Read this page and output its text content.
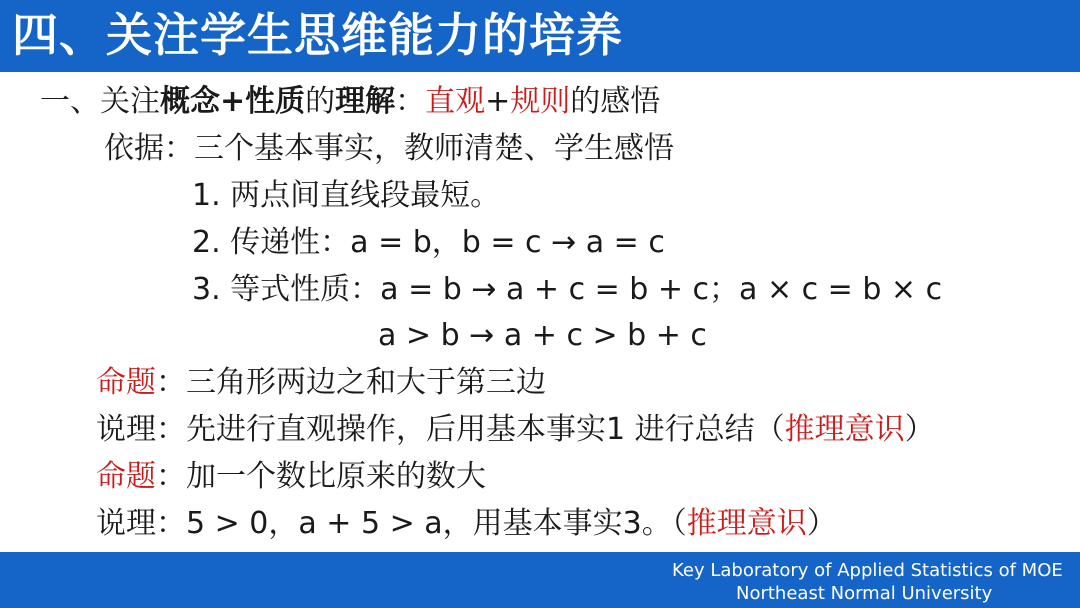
四、关注学生思维能力的培养
一、关注概念+性质的理解：直观+规则的感悟
依据：三个基本事实，教师清楚、学生感悟
1. 两点间直线段最短。
2. 传递性：a = b，b = c → a = c
3. 等式性质：a = b → a + c = b + c；a × c = b × c
a > b → a + c > b + c
命题：三角形两边之和大于第三边
说理：先进行直观操作，后用基本事实1 进行总结（推理意识）
命题：加一个数比原来的数大
说理：5 > 0，a + 5 > a，用基本事实3。（推理意识）
Key Laboratory of Applied Statistics of MOE
Northeast Normal University
